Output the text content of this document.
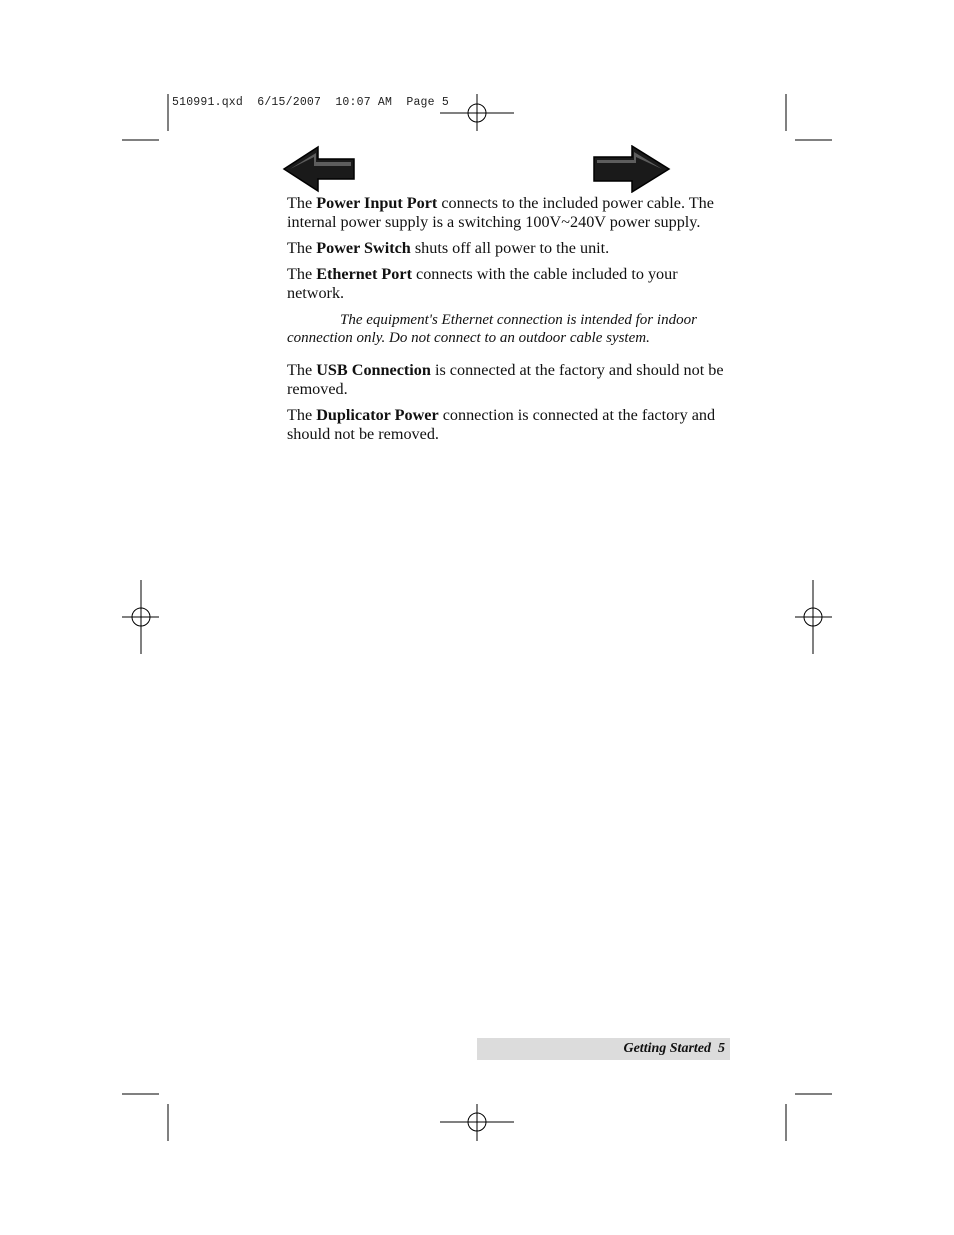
510991.qxd  6/15/2007  10:07 AM  Page 5

The Power Input Port connects to the included power cable. The internal power supply is a switching 100V~240V power supply.

The Power Switch shuts off all power to the unit.

The Ethernet Port connects with the cable included to your network.

The equipment's Ethernet connection is intended for indoor connection only. Do not connect to an outdoor cable system.

The USB Connection is connected at the factory and should not be removed.

The Duplicator Power connection is connected at the factory and should not be removed.

Getting Started 5
